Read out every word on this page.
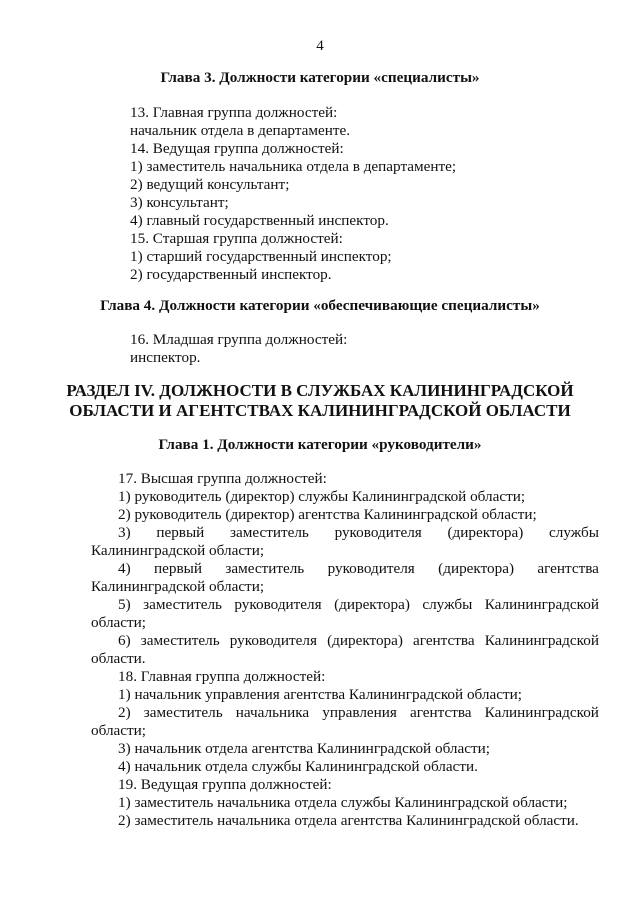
4
Глава 3. Должности категории «специалисты»
13. Главная группа должностей:
начальник отдела в департаменте.
14. Ведущая группа должностей:
1) заместитель начальника отдела в департаменте;
2) ведущий консультант;
3) консультант;
4) главный государственный инспектор.
15. Старшая группа должностей:
1) старший государственный инспектор;
2) государственный инспектор.
Глава 4. Должности категории «обеспечивающие специалисты»
16. Младшая группа должностей:
инспектор.
РАЗДЕЛ IV. ДОЛЖНОСТИ В СЛУЖБАХ КАЛИНИНГРАДСКОЙ
ОБЛАСТИ И АГЕНТСТВАХ КАЛИНИНГРАДСКОЙ ОБЛАСТИ
Глава 1. Должности категории «руководители»
17. Высшая группа должностей:
1) руководитель (директор) службы Калининградской области;
2) руководитель (директор) агентства Калининградской области;
3) первый заместитель руководителя (директора) службы
Калининградской области;
4) первый заместитель руководителя (директора) агентства
Калининградской области;
5) заместитель руководителя (директора) службы Калининградской
области;
6) заместитель руководителя (директора) агентства Калининградской
области.
18. Главная группа должностей:
1) начальник управления агентства Калининградской области;
2) заместитель начальника управления агентства Калининградской
области;
3) начальник отдела агентства Калининградской области;
4) начальник отдела службы Калининградской области.
19. Ведущая группа должностей:
1) заместитель начальника отдела службы Калининградской области;
2) заместитель начальника отдела агентства Калининградской области.
